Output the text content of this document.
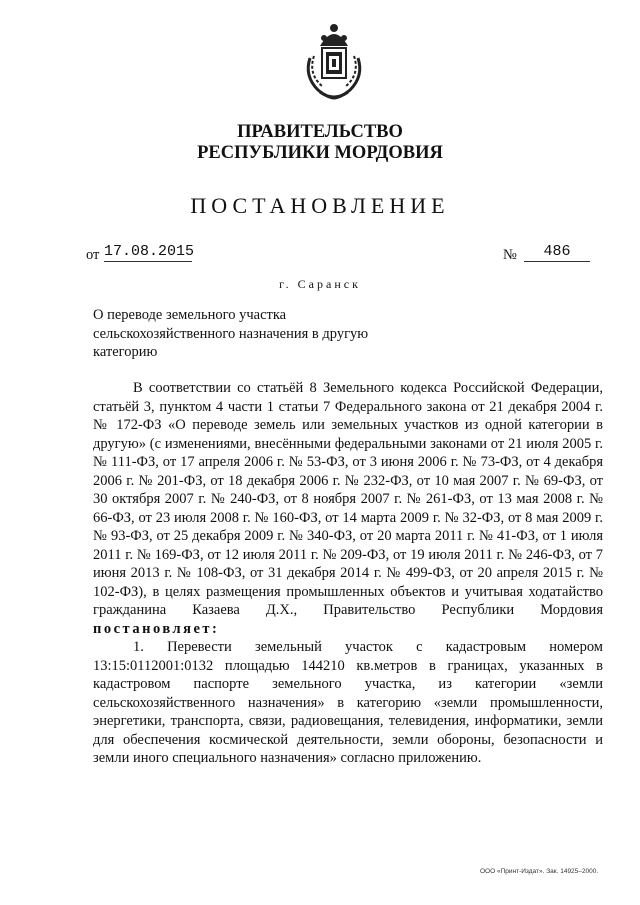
ПРАВИТЕЛЬСТВО
РЕСПУБЛИКИ МОРДОВИЯ
ПОСТАНОВЛЕНИЕ
от 17.08.2015	№	486
г. Саранск
О переводе земельного участка сельскохозяйственного назначения в другую категорию

В соответствии со статьёй 8 Земельного кодекса Российской Федерации, статьёй 3, пунктом 4 части 1 статьи 7 Федерального закона от 21 декабря 2004 г. № 172-ФЗ «О переводе земель или земельных участков из одной категории в другую» (с изменениями, внесёнными федеральными законами от 21 июля 2005 г. № 111-ФЗ, от 17 апреля 2006 г. № 53-ФЗ, от 3 июня 2006 г. № 73-ФЗ, от 4 декабря 2006 г. № 201-ФЗ, от 18 декабря 2006 г. № 232-ФЗ, от 10 мая 2007 г. № 69-ФЗ, от 30 октября 2007 г. № 240-ФЗ, от 8 ноября 2007 г. № 261-ФЗ, от 13 мая 2008 г. № 66-ФЗ, от 23 июля 2008 г. № 160-ФЗ, от 14 марта 2009 г. № 32-ФЗ, от 8 мая 2009 г. № 93-ФЗ, от 25 декабря 2009 г. № 340-ФЗ, от 20 марта 2011 г. № 41-ФЗ, от 1 июля 2011 г. № 169-ФЗ, от 12 июля 2011 г. № 209-ФЗ, от 19 июля 2011 г. № 246-ФЗ, от 7 июня 2013 г. № 108-ФЗ, от 31 декабря 2014 г. № 499-ФЗ, от 20 апреля 2015 г. № 102-ФЗ), в целях размещения промышленных объектов и учитывая ходатайство гражданина Казаева Д.Х., Правительство Республики Мордовия постановляет:

1. Перевести земельный участок с кадастровым номером 13:15:0112001:0132 площадью 144210 кв.метров в границах, указанных в кадастровом паспорте земельного участка, из категории «земли сельскохозяйственного назначения» в категорию «земли промышленности, энергетики, транспорта, связи, радиовещания, телевидения, информатики, земли для обеспечения космической деятельности, земли обороны, безопасности и земли иного специального назначения» согласно приложению.

ООО «Принт-Издат». Зак. 14925–2000.
